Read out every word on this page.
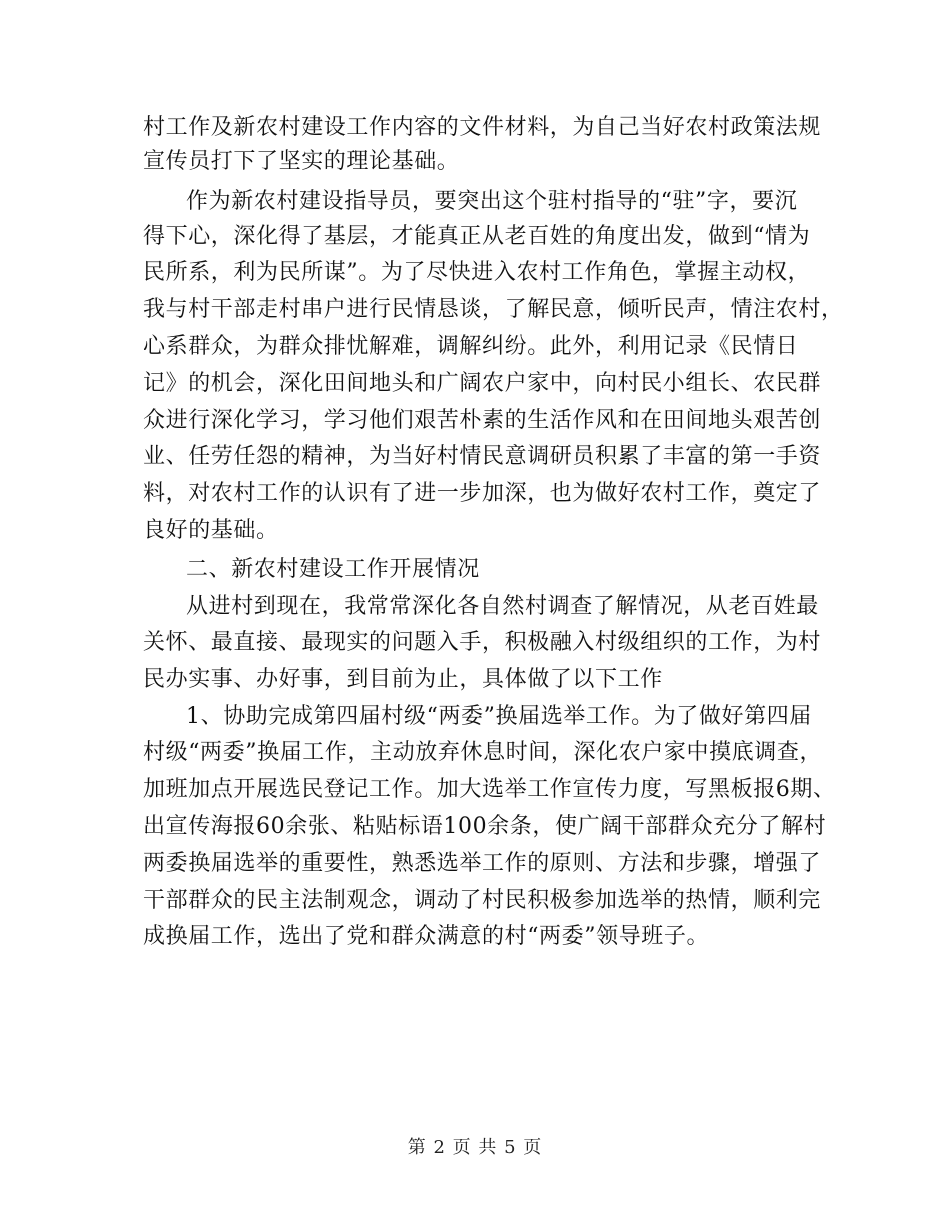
村工作及新农村建设工作内容的文件材料，为自己当好农村政策法规
宣传员打下了坚实的理论基础。
作为新农村建设指导员，要突出这个驻村指导的“驻”字，要沉
得下心，深化得了基层，才能真正从老百姓的角度出发，做到“情为
民所系，利为民所谋”。为了尽快进入农村工作角色，掌握主动权，
我与村干部走村串户进行民情恳谈，了解民意，倾听民声，情注农村，
心系群众，为群众排忧解难，调解纠纷。此外，利用记录《民情日
记》的机会，深化田间地头和广阔农户家中，向村民小组长、农民群
众进行深化学习，学习他们艰苦朴素的生活作风和在田间地头艰苦创
业、任劳任怨的精神，为当好村情民意调研员积累了丰富的第一手资
料，对农村工作的认识有了进一步加深，也为做好农村工作，奠定了
良好的基础。
二、新农村建设工作开展情况
从进村到现在，我常常深化各自然村调查了解情况，从老百姓最
关怀、最直接、最现实的问题入手，积极融入村级组织的工作，为村
民办实事、办好事，到目前为止，具体做了以下工作
1、协助完成第四届村级“两委”换届选举工作。为了做好第四届
村级“两委”换届工作，主动放弃休息时间，深化农户家中摸底调查，
加班加点开展选民登记工作。加大选举工作宣传力度，写黑板报6期、
出宣传海报60余张、粘贴标语100余条，使广阔干部群众充分了解村
两委换届选举的重要性，熟悉选举工作的原则、方法和步骤，增强了
干部群众的民主法制观念，调动了村民积极参加选举的热情，顺利完
成换届工作，选出了党和群众满意的村“两委”领导班子。
第 2 页 共 5 页
